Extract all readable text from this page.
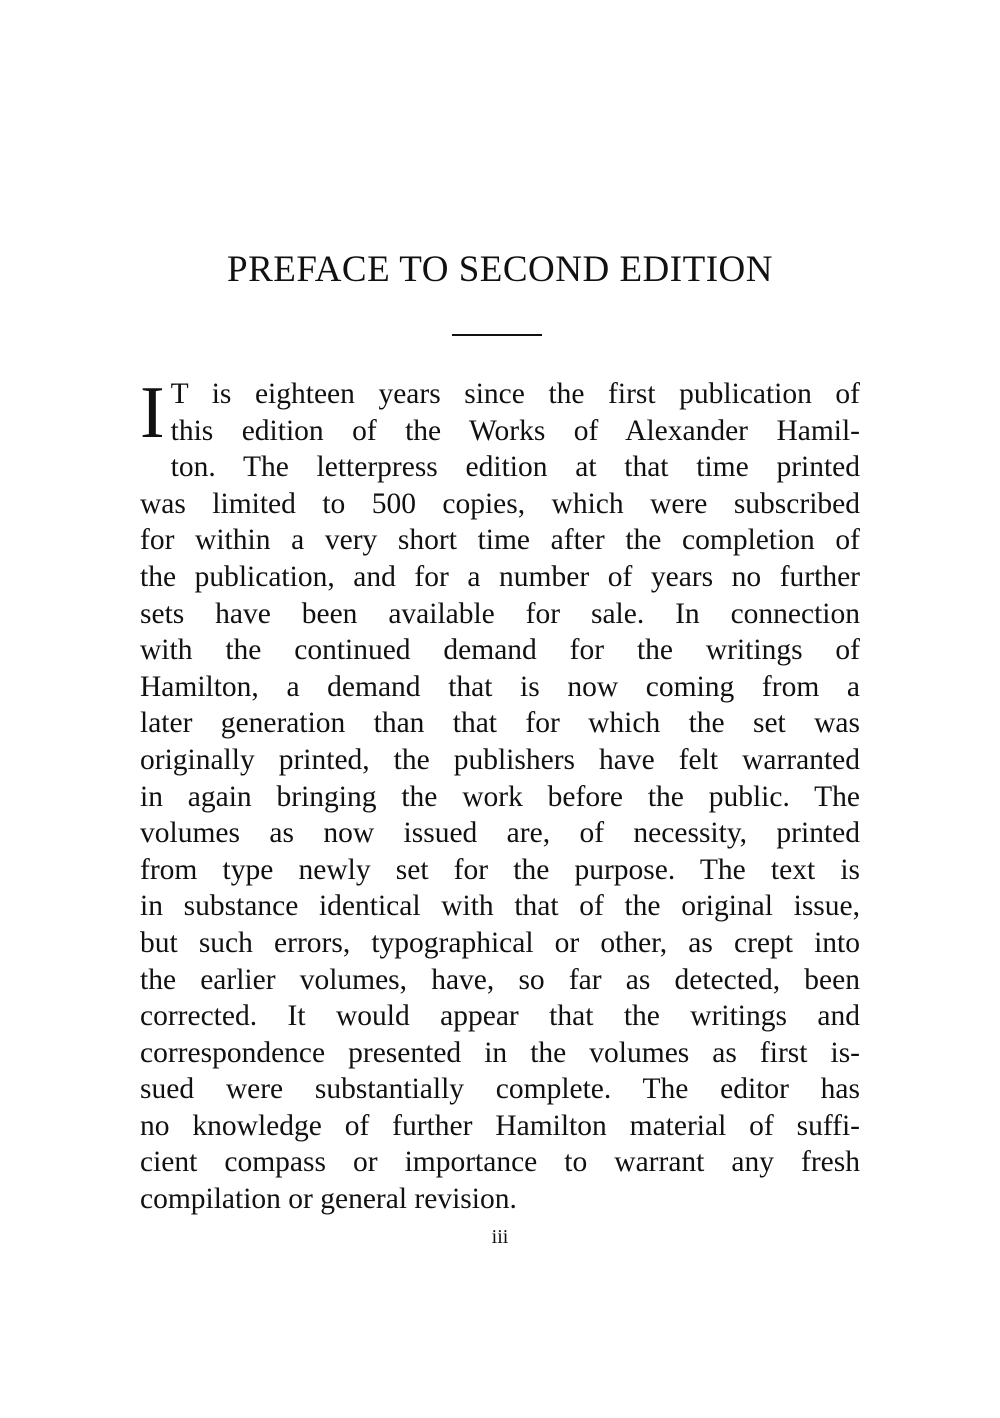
PREFACE TO SECOND EDITION
I T is eighteen years since the first publication of
this edition of the Works of Alexander Hamil-
ton. The letterpress edition at that time printed
was limited to 500 copies, which were subscribed
for within a very short time after the completion of
the publication, and for a number of years no further
sets have been available for sale. In connection
with the continued demand for the writings of
Hamilton, a demand that is now coming from a
later generation than that for which the set was
originally printed, the publishers have felt warranted
in again bringing the work before the public. The
volumes as now issued are, of necessity, printed
from type newly set for the purpose. The text is
in substance identical with that of the original issue,
but such errors, typographical or other, as crept into
the earlier volumes, have, so far as detected, been
corrected. It would appear that the writings and
correspondence presented in the volumes as first is-
sued were substantially complete. The editor has
no knowledge of further Hamilton material of suffi-
cient compass or importance to warrant any fresh
compilation or general revision.

iii
